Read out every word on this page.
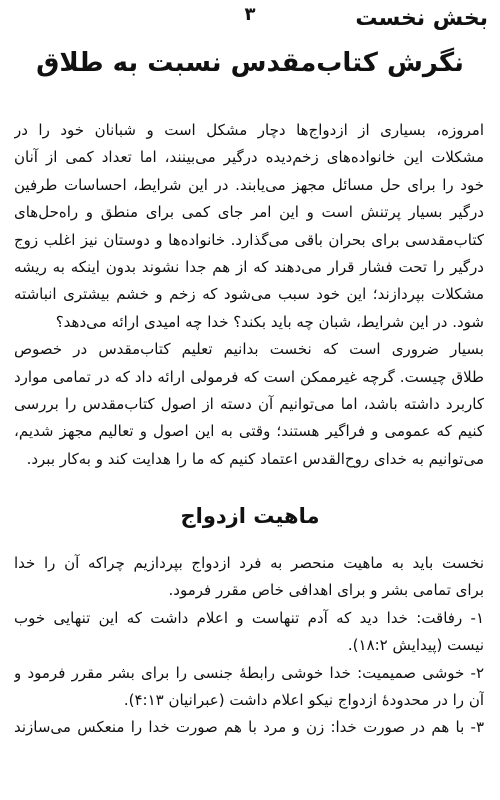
۳	بخش نخست
نگرش کتاب‌مقدس نسبت به طلاق

امروزه، بسیاری از ازدواج‌ها دچار مشکل است و شبانان خود را در

مشکلات این خانواده‌های زخم‌دیده درگیر می‌بینند، اما تعداد کمی از آنان

خود را برای حل مسائل مجهز می‌یابند. در این شرایط، احساسات طرفین

درگیر بسیار پرتنش است و این امر جای کمی برای منطق و راه‌حل‌های

کتاب‌مقدسی برای بحران باقی می‌گذارد. خانواده‌ها و دوستان نیز اغلب زوج

درگیر را تحت فشار قرار می‌دهند که از هم جدا نشوند بدون اینکه به ریشه

مشکلات بپردازند؛ این خود سبب می‌شود که زخم و خشم بیشتری انباشته

شود. در این شرایط، شبان چه باید بکند؟ خدا چه امیدی ارائه می‌دهد؟

بسیار ضروری است که نخست بدانیم تعلیم کتاب‌مقدس در خصوص

طلاق چیست. گرچه غیرممکن است که فرمولی ارائه داد که در تمامی موارد

کاربرد داشته باشد، اما می‌توانیم آن دسته از اصول کتاب‌مقدس را بررسی

کنیم که عمومی و فراگیر هستند؛ وقتی به این اصول و تعالیم مجهز شدیم،

می‌توانیم به خدای روح‌القدس اعتماد کنیم که ما را هدایت کند و به‌کار ببرد.

ماهیت ازدواج

نخست باید به ماهیت منحصر به فرد ازدواج بپردازیم چراکه آن را خدا

برای تمامی بشر و برای اهدافی خاص مقرر فرمود.

۱- رفاقت: خدا دید که آدم تنهاست و اعلام داشت که این تنهایی خوب

نیست (پیدایش ۱۸:۲).

۲- خوشی صمیمیت: خدا خوشی رابطهٔ جنسی را برای بشر مقرر فرمود و

آن را در محدودهٔ ازدواج نیکو اعلام داشت (عبرانیان ۴:۱۳).

۳- با هم در صورت خدا: زن و مرد با هم صورت خدا را منعکس می‌سازند
